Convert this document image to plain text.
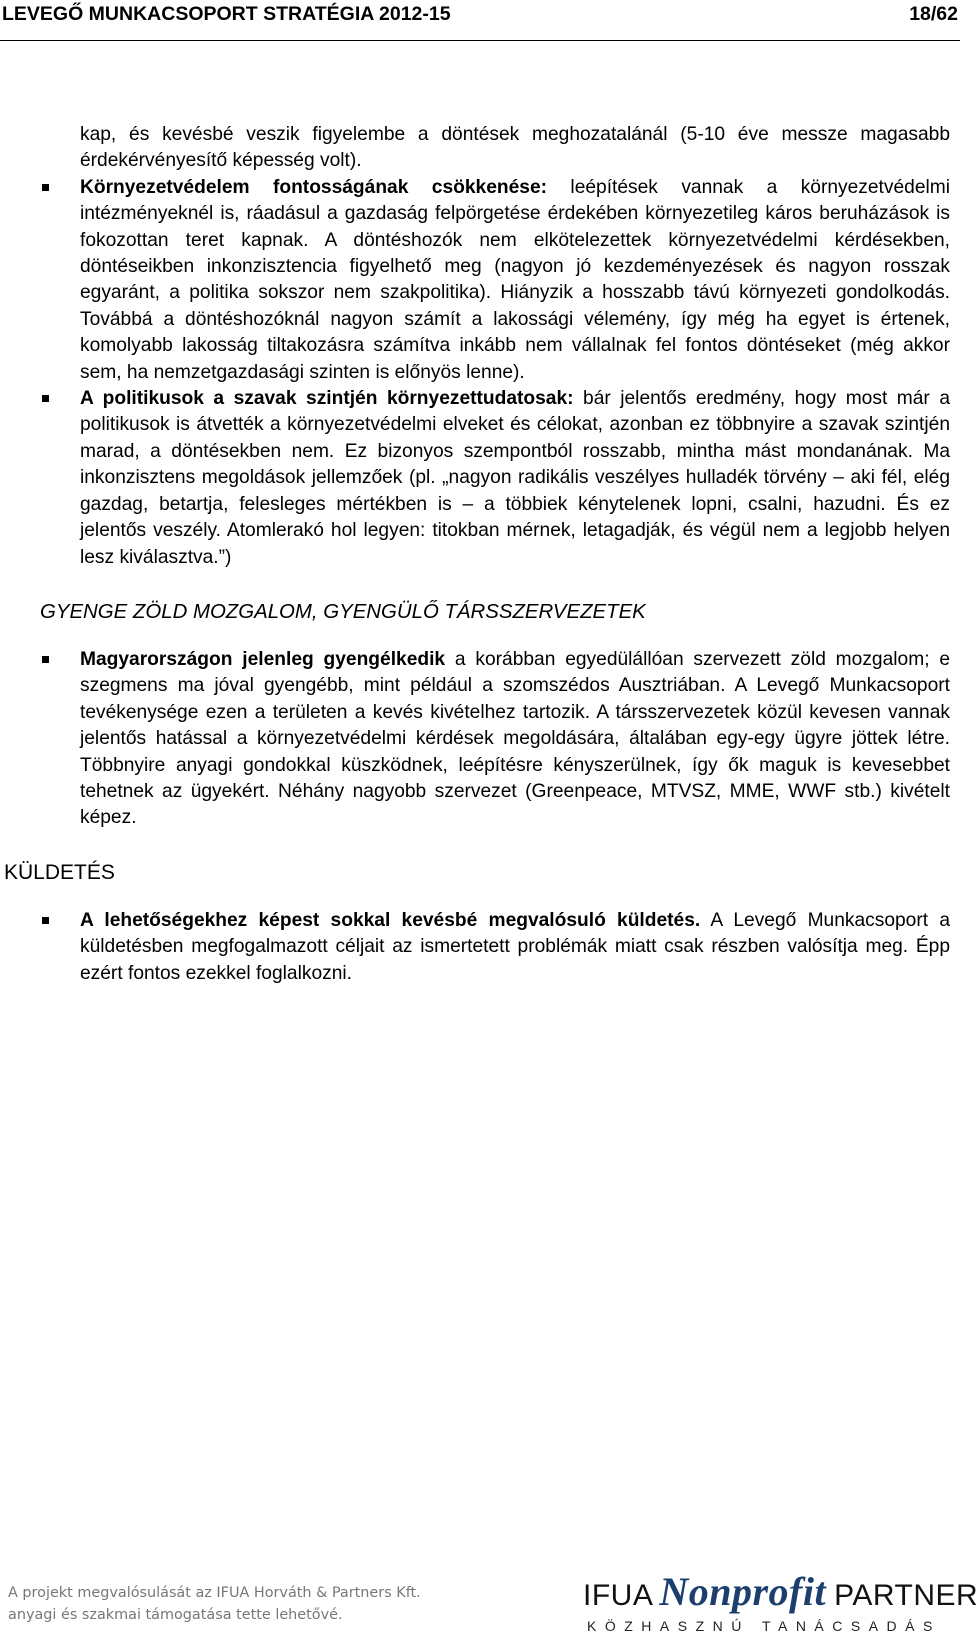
LEVEGŐ MUNKACSOPORT STRATÉGIA 2012-15	18/62

kap, és kevésbé veszik figyelembe a döntések meghozatalánál (5-10 éve messze magasabb érdekérvényesítő képesség volt).

Környezetvédelem fontosságának csökkenése: leépítések vannak a környezetvédelmi intézményeknél is, ráadásul a gazdaság felpörgetése érdekében környezetileg káros beruházások is fokozottan teret kapnak. A döntéshozók nem elkötelezettek környezetvédelmi kérdésekben, döntéseikben inkonzisztencia figyelhető meg (nagyon jó kezdeményezések és nagyon rosszak egyaránt, a politika sokszor nem szakpolitika). Hiányzik a hosszabb távú környezeti gondolkodás. Továbbá a döntéshozóknál nagyon számít a lakossági vélemény, így még ha egyet is értenek, komolyabb lakosság tiltakozásra számítva inkább nem vállalnak fel fontos döntéseket (még akkor sem, ha nemzetgazdasági szinten is előnyös lenne).

A politikusok a szavak szintjén környezettudatosak: bár jelentős eredmény, hogy most már a politikusok is átvették a környezetvédelmi elveket és célokat, azonban ez többnyire a szavak szintjén marad, a döntésekben nem. Ez bizonyos szempontból rosszabb, mintha mást mondanának. Ma inkonzisztens megoldások jellemzőek (pl. „nagyon radikális veszélyes hulladék törvény – aki fél, elég gazdag, betartja, feleslеges mértékben is – a többiek kénytelenek lopni, csalni, hazudni. És ez jelentős veszély. Atomlerakó hol legyen: titokban mérnek, letagadják, és végül nem a legjobb helyen lesz kiválasztva.”)

GYENGE ZÖLD MOZGALOM, GYENGÜLŐ TÁRSSZERVEZETEK

Magyarországon jelenleg gyengélkedik a korábban egyedülállóan szervezett zöld mozgalom; e szegmens ma jóval gyengébb, mint például a szomszédos Ausztriában. A Levegő Munkacsoport tevékenysége ezen a területen a kevés kivételhez tartozik. A társszervezetek közül kevesen vannak jelentős hatással a környezetvédelmi kérdések megoldására, általában egy-egy ügyre jöttek létre. Többnyire anyagi gondokkal küszködnek, leépítésre kényszerülnek, így ők maguk is kevesebbet tehetnek az ügyekért. Néhány nagyobb szervezet (Greenpeace, MTVSZ, MME, WWF stb.) kivételt képez.

KÜLDETÉS

A lehetőségekhez képest sokkal kevésbé megvalósuló küldetés. A Levegő Munkacsoport a küldetésben megfogalmazott céljait az ismertetett problémák miatt csak részben valósítja meg. Épp ezért fontos ezekkel foglalkozni.

A projekt megvalósulását az IFUA Horváth & Partners Kft.
anyagi és szakmai támogatása tette lehetővé.
IFUA Nonprofit PARTNER
KÖZHASZNÚ TANÁCSADÁS
